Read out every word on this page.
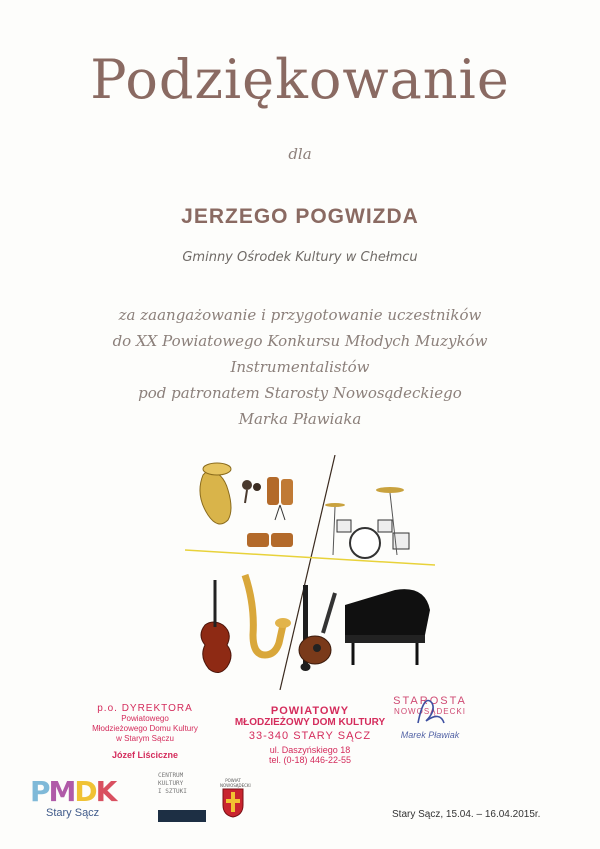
Podziękowanie
dla
JERZEGO POGWIZDA
Gminny Ośrodek Kultury w Chełmcu
za zaangażowanie i przygotowanie uczestników
do XX Powiatowego Konkursu Młodych Muzyków
Instrumentalistów
pod patronatem Starosty Nowosądeckiego
Marka Pławiaka
p.o. DYREKTORA
Powiatowego
Młodzieżowego Domu Kultury
w Starym Sączu
Józef Liściczne
POWIATOWY
MŁODZIEŻOWY DOM KULTURY
33-340 STARY SĄCZ
ul. Daszyńskiego 18
tel. (0-18) 446-22-55
STAROSTA
NOWOSĄDECKI
Marek Pławiak
PMDK
Stary Sącz
CENTRUM
KULTURY
I SZTUKI
POWIAT NOWOSĄDECKI
Stary Sącz, 15.04. – 16.04.2015r.
